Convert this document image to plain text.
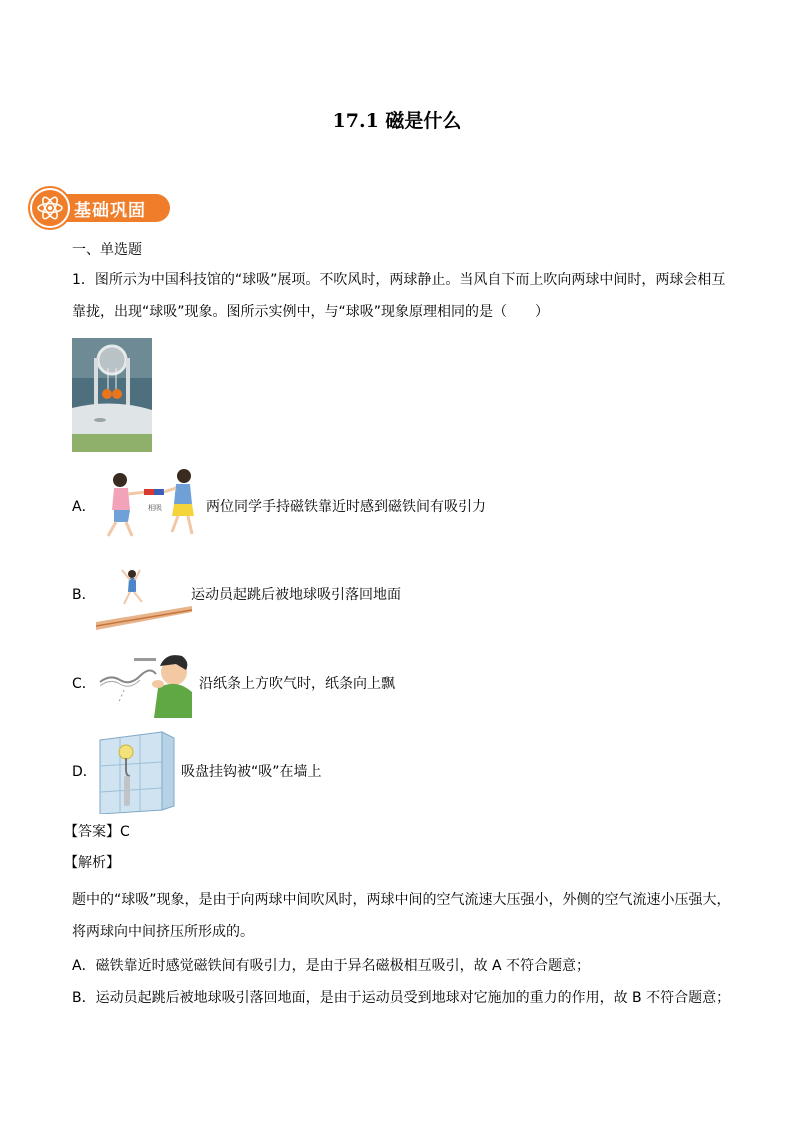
17.1 磁是什么
基础巩固
一、单选题
1．图所示为中国科技馆的“球吸”展项。不吹风时，两球静止。当风自下而上吹向两球中间时，两球会相互
靠拢，出现“球吸”现象。图所示实例中，与“球吸”现象原理相同的是（　　）
A．	相吸	两位同学手持磁铁靠近时感到磁铁间有吸引力
B．	运动员起跳后被地球吸引落回地面
C．	沿纸条上方吹气时，纸条向上飘
D．	吸盘挂钩被“吸”在墙上
【答案】C
【解析】
题中的“球吸”现象，是由于向两球中间吹风时，两球中间的空气流速大压强小，外侧的空气流速小压强大，
将两球向中间挤压所形成的。
A．磁铁靠近时感觉磁铁间有吸引力，是由于异名磁极相互吸引，故 A 不符合题意；
B．运动员起跳后被地球吸引落回地面，是由于运动员受到地球对它施加的重力的作用，故 B 不符合题意；
